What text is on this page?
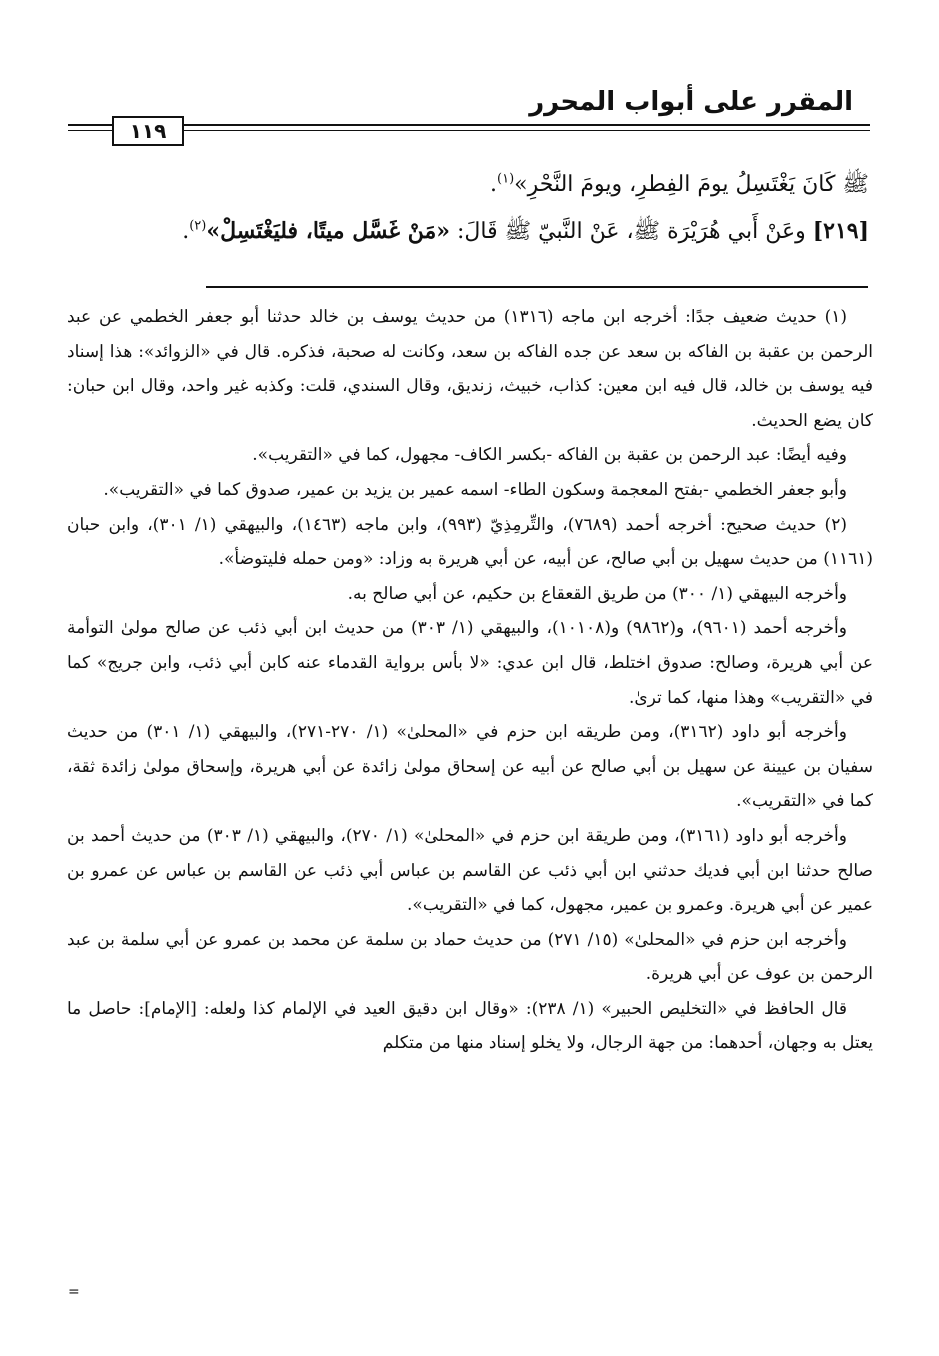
المقرر على أبواب المحرر
١١٩

ﷺ كَانَ يَغْتَسِلُ يومَ الفِطرِ، ويومَ النَّحْرِ»$^{(١)}$.

[٢١٩] وعَنْ أَبي هُرَيْرَة ﷺ، عَنْ النَّبيّ ﷺ قَالَ: «مَنْ غَسَّل ميتًا، فليَغْتَسِلْ»$^{(٢)}$.

(١) حديث ضعيف جدًا: أخرجه ابن ماجه (١٣١٦) من حديث يوسف بن خالد حدثنا أبو جعفر الخطمي عن عبد الرحمن بن عقبة بن الفاكه بن سعد عن جده الفاكه بن سعد، وكانت له صحبة، فذكره. قال في «الزوائد»: هذا إسناد فيه يوسف بن خالد، قال فيه ابن معين: كذاب، خبيث، زنديق، وقال السندي، قلت: وكذبه غير واحد، وقال ابن حبان: كان يضع الحديث.

وفيه أيضًا: عبد الرحمن بن عقبة بن الفاكه -بكسر الكاف- مجهول، كما في «التقريب».

وأبو جعفر الخطمي -بفتح المعجمة وسكون الطاء- اسمه عمير بن يزيد بن عمير، صدوق كما في «التقريب».

(٢) حديث صحيح: أخرجه أحمد (٧٦٨٩)، والتِّرمِذِيّ (٩٩٣)، وابن ماجه (١٤٦٣)، والبيهقي (١/ ٣٠١)، وابن حبان (١١٦١) من حديث سهيل بن أبي صالح، عن أبيه، عن أبي هريرة به وزاد: «ومن حمله فليتوضأ».

وأخرجه البيهقي (١/ ٣٠٠) من طريق القعقاع بن حكيم، عن أبي صالح به.

وأخرجه أحمد (٩٦٠١)، و(٩٨٦٢) و(١٠١٠٨)، والبيهقي (١/ ٣٠٣) من حديث ابن أبي ذئب عن صالح مولىٰ التوأمة عن أبي هريرة، وصالح: صدوق اختلط، قال ابن عدي: «لا بأس برواية القدماء عنه كابن أبي ذئب، وابن جريج» كما في «التقريب» وهذا منها، كما ترىٰ.

وأخرجه أبو داود (٣١٦٢)، ومن طريقه ابن حزم في «المحلىٰ» (١/ ٢٧٠-٢٧١)، والبيهقي (١/ ٣٠١) من حديث سفيان بن عيينة عن سهيل بن أبي صالح عن أبيه عن إسحاق مولىٰ زائدة عن أبي هريرة، وإسحاق مولىٰ زائدة ثقة، كما في «التقريب».

وأخرجه أبو داود (٣١٦١)، ومن طريقة ابن حزم في «المحلىٰ» (١/ ٢٧٠)، والبيهقي (١/ ٣٠٣) من حديث أحمد بن صالح حدثنا ابن أبي فديك حدثني ابن أبي ذئب عن القاسم بن عباس أبي ذئب عن القاسم بن عباس عن عمرو بن عمير عن أبي هريرة. وعمرو بن عمير، مجهول، كما في «التقريب».

وأخرجه ابن حزم في «المحلىٰ» (١٥/ ٢٧١) من حديث حماد بن سلمة عن محمد بن عمرو عن أبي سلمة بن عبد الرحمن بن عوف عن أبي هريرة.

قال الحافظ في «التخليص الحبير» (١/ ٢٣٨): «وقال ابن دقيق العيد في الإلمام كذا ولعله: [الإمام]: حاصل ما يعتل به وجهان، أحدهما: من جهة الرجال، ولا يخلو إسناد منها من متكلم

=
